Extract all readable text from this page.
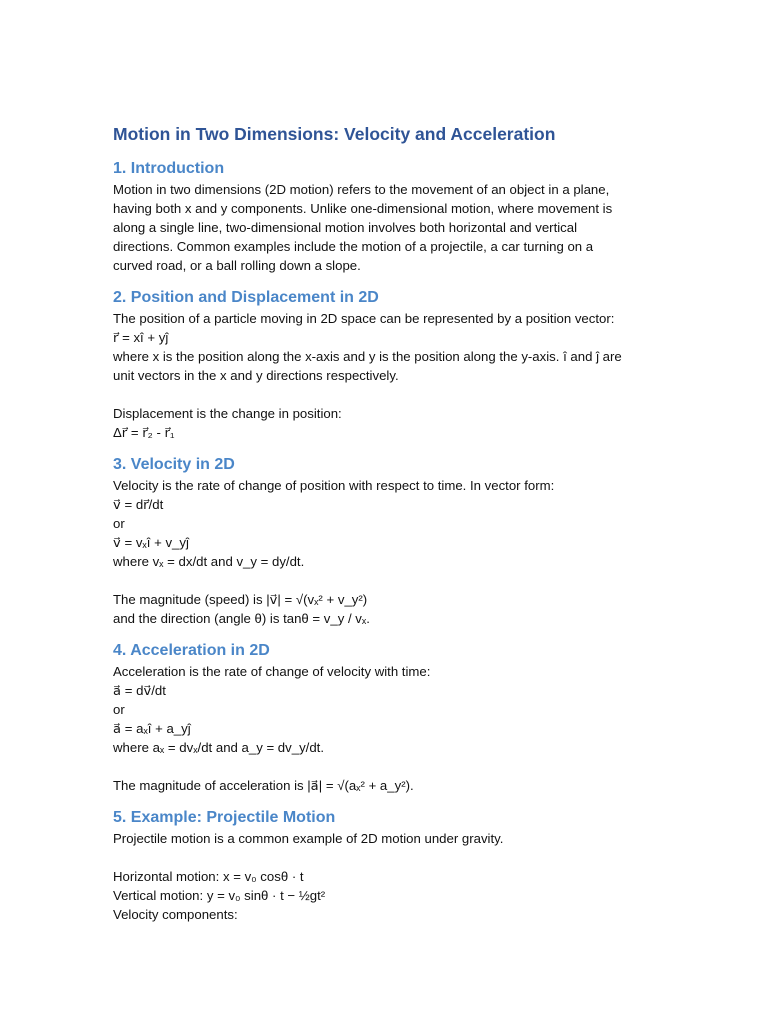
Motion in Two Dimensions: Velocity and Acceleration
1. Introduction

Motion in two dimensions (2D motion) refers to the movement of an object in a plane,

having both x and y components. Unlike one-dimensional motion, where movement is

along a single line, two-dimensional motion involves both horizontal and vertical

directions. Common examples include the motion of a projectile, a car turning on a

curved road, or a ball rolling down a slope.

2. Position and Displacement in 2D

The position of a particle moving in 2D space can be represented by a position vector:

r⃗ = xî + yĵ

where x is the position along the x-axis and y is the position along the y-axis. î and ĵ are

unit vectors in the x and y directions respectively.

Displacement is the change in position:

Δr⃗ = r⃗₂ - r⃗₁

3. Velocity in 2D

Velocity is the rate of change of position with respect to time. In vector form:

v⃗ = dr⃗/dt

or

v⃗ = vₓî + v_yĵ

where vₓ = dx/dt and v_y = dy/dt.

The magnitude (speed) is |v⃗| = √(vₓ² + v_y²)

and the direction (angle θ) is tanθ = v_y / vₓ.

4. Acceleration in 2D

Acceleration is the rate of change of velocity with time:

a⃗ = dv⃗/dt

or

a⃗ = aₓî + a_yĵ

where aₓ = dvₓ/dt and a_y = dv_y/dt.

The magnitude of acceleration is |a⃗| = √(aₓ² + a_y²).

5. Example: Projectile Motion

Projectile motion is a common example of 2D motion under gravity.

Horizontal motion: x = v₀ cosθ · t

Vertical motion: y = v₀ sinθ · t − ½gt²

Velocity components:
